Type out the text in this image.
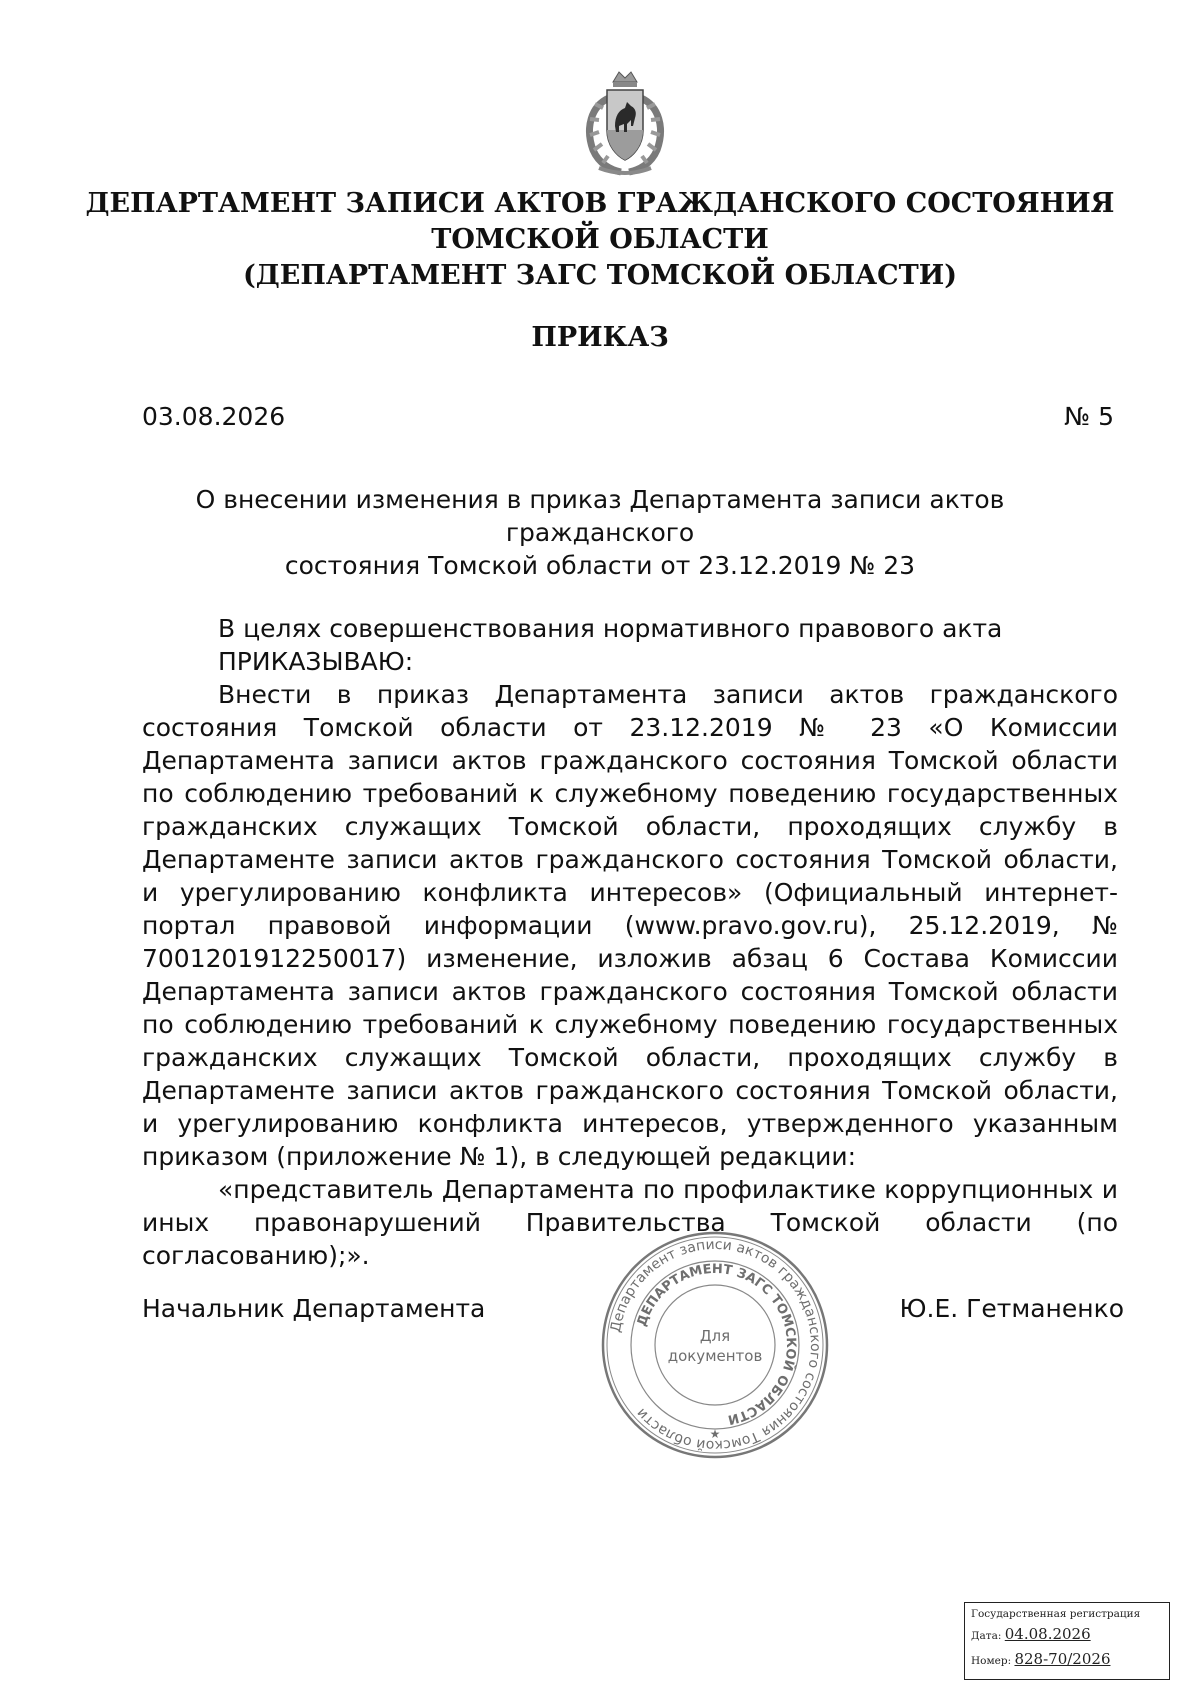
ДЕПАРТАМЕНТ ЗАПИСИ АКТОВ ГРАЖДАНСКОГО СОСТОЯНИЯ
ТОМСКОЙ ОБЛАСТИ
(ДЕПАРТАМЕНТ ЗАГС ТОМСКОЙ ОБЛАСТИ)
ПРИКАЗ
03.08.2026	№ 5
О внесении изменения в приказ Департамента записи актов гражданского
состояния Томской области от 23.12.2019 № 23

В целях совершенствования нормативного правового акта

ПРИКАЗЫВАЮ:

Внести в приказ Департамента записи актов гражданского состояния Томской области от 23.12.2019 № 23 «О Комиссии Департамента записи актов гражданского состояния Томской области по соблюдению требований к служебному поведению государственных гражданских служащих Томской области, проходящих службу в Департаменте записи актов гражданского состояния Томской области, и урегулированию конфликта интересов» (Официальный интернет-портал правовой информации (www.pravo.gov.ru), 25.12.2019, № 7001201912250017) изменение, изложив абзац 6 Состава Комиссии Департамента записи актов гражданского состояния Томской области по соблюдению требований к служебному поведению государственных гражданских служащих Томской области, проходящих службу в Департаменте записи актов гражданского состояния Томской области, и урегулированию конфликта интересов, утвержденного указанным приказом (приложение № 1), в следующей редакции:

«представитель Департамента по профилактике коррупционных и иных правонарушений Правительства Томской области (по согласованию);».

Начальник Департамента	Ю.Е. Гетманенко
Департамент записи актов гражданского состояния Томской области
ДЕПАРТАМЕНТ ЗАГС ТОМСКОЙ ОБЛАСТИ
Для
документов
★
Государственная регистрация
Дата: 04.08.2026
Номер: 828-70/2026
